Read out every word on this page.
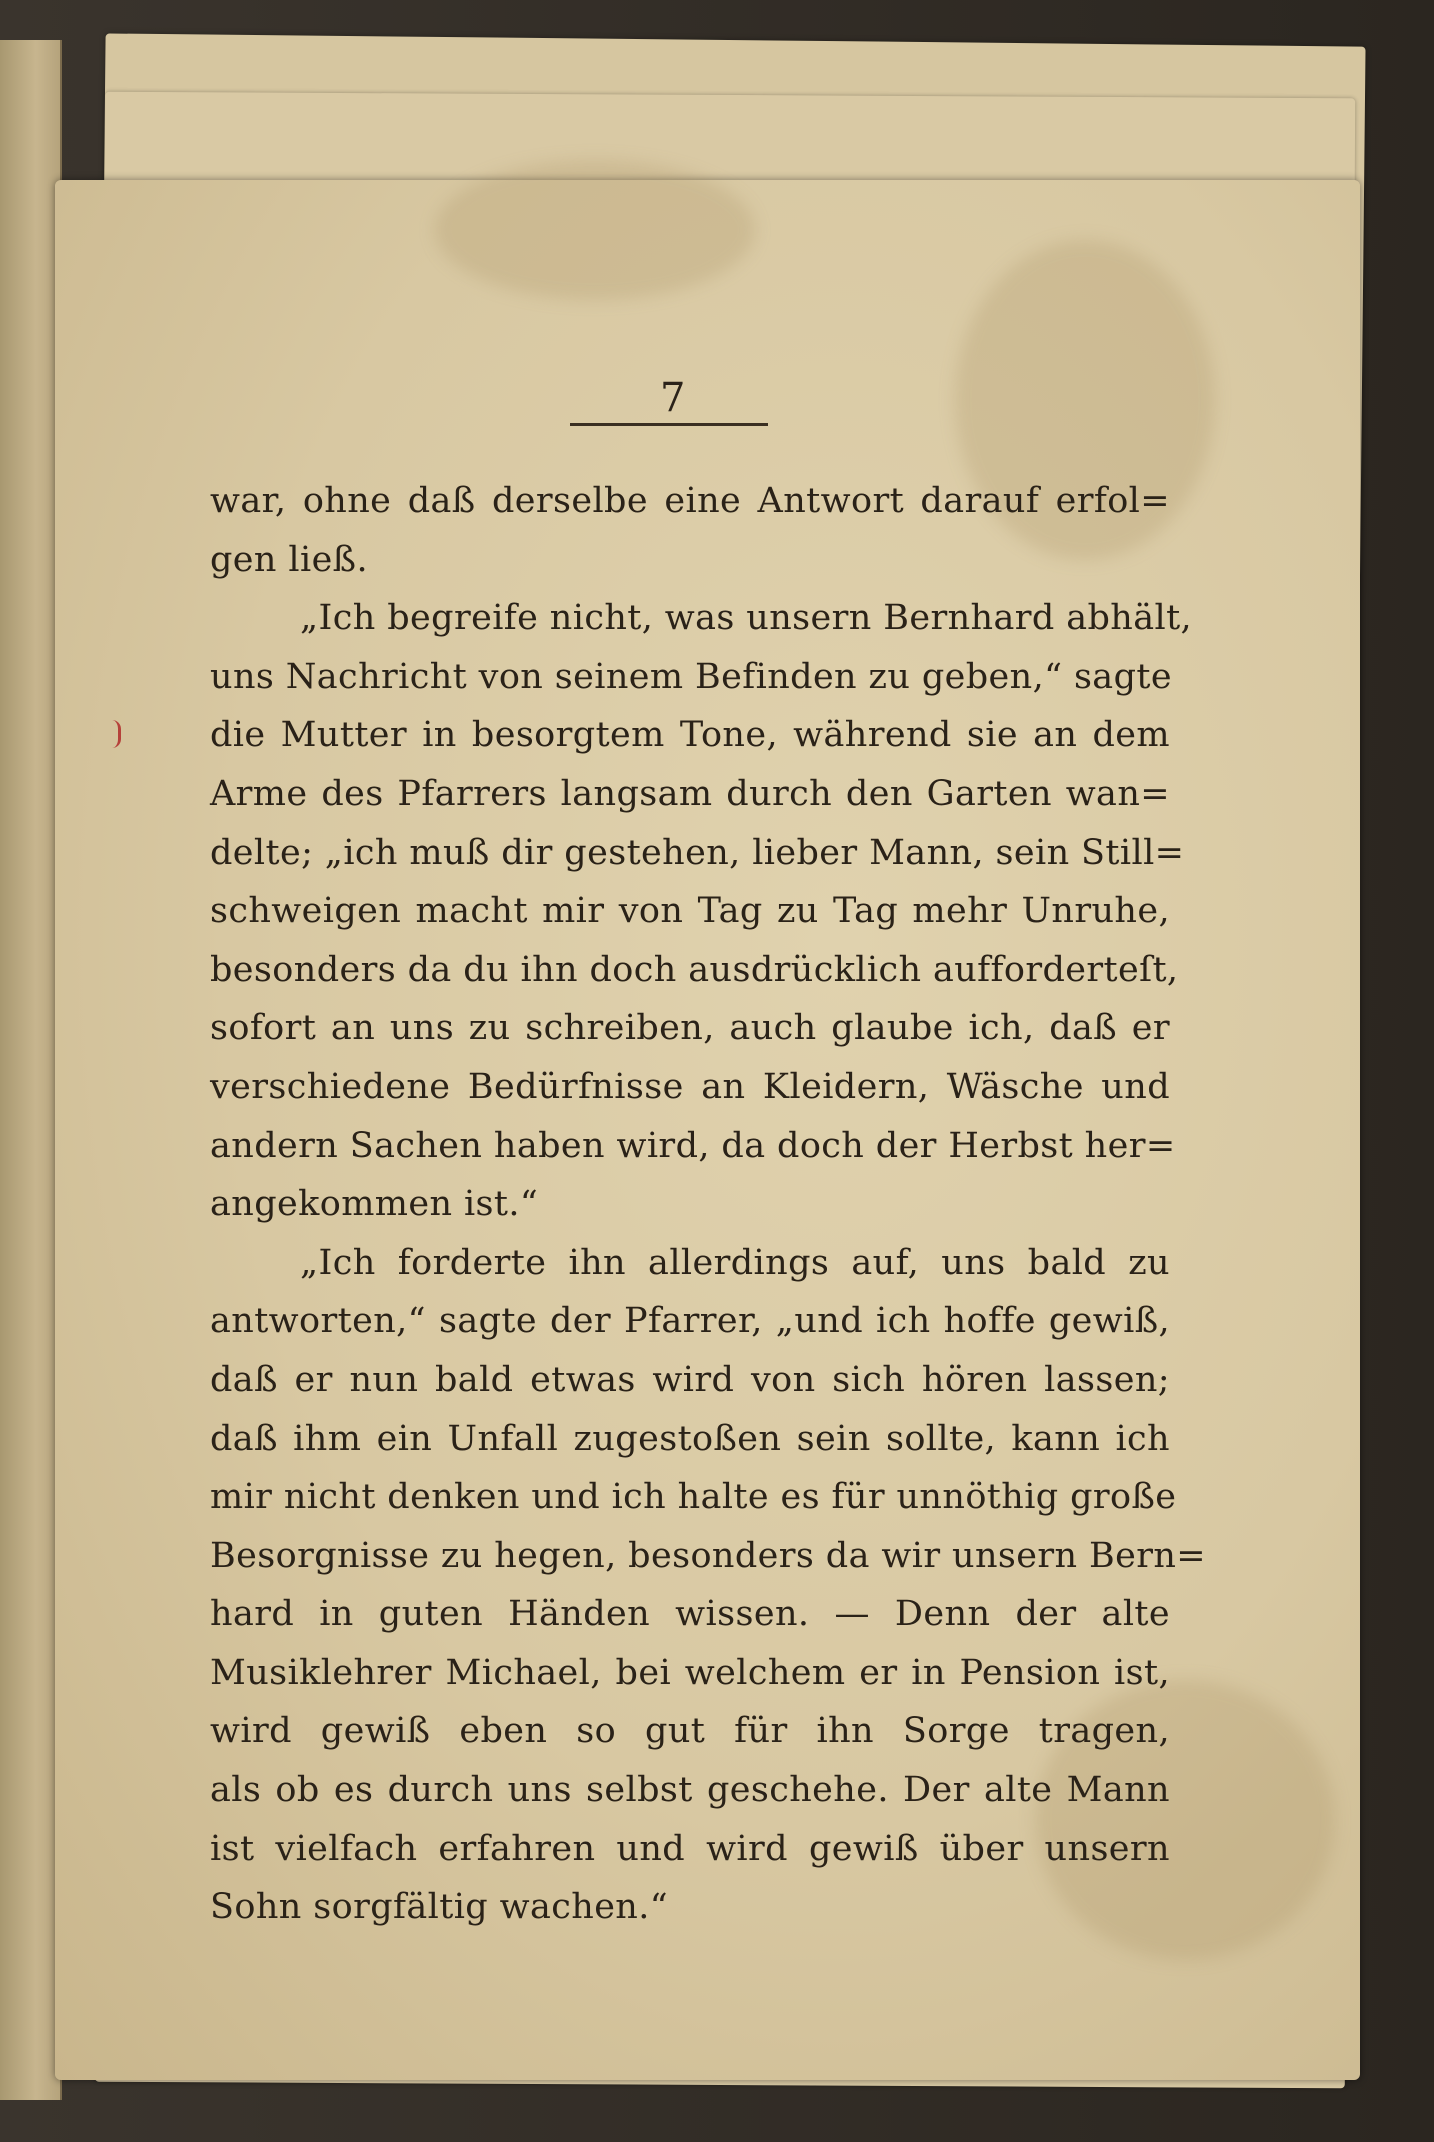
7
war, ohne daß derselbe eine Antwort darauf erfol=
gen ließ.
„Ich begreife nicht, was unsern Bernhard abhält,
uns Nachricht von seinem Befinden zu geben,“ sagte
die Mutter in besorgtem Tone, während sie an dem
Arme des Pfarrers langsam durch den Garten wan=
delte; „ich muß dir gestehen, lieber Mann, sein Still=
schweigen macht mir von Tag zu Tag mehr Unruhe,
besonders da du ihn doch ausdrücklich aufforderteſt,
sofort an uns zu schreiben, auch glaube ich, daß er
verschiedene Bedürfnisse an Kleidern, Wäsche und
andern Sachen haben wird, da doch der Herbst her=
angekommen ist.“
„Ich forderte ihn allerdings auf, uns bald zu
antworten,“ sagte der Pfarrer, „und ich hoffe gewiß,
daß er nun bald etwas wird von sich hören lassen;
daß ihm ein Unfall zugestoßen sein sollte, kann ich
mir nicht denken und ich halte es für unnöthig große
Besorgnisse zu hegen, besonders da wir unsern Bern=
hard in guten Händen wissen. — Denn der alte
Musiklehrer Michael, bei welchem er in Pension ist,
wird gewiß eben so gut für ihn Sorge tragen,
als ob es durch uns selbst geschehe. Der alte Mann
ist vielfach erfahren und wird gewiß über unsern
Sohn sorgfältig wachen.“
